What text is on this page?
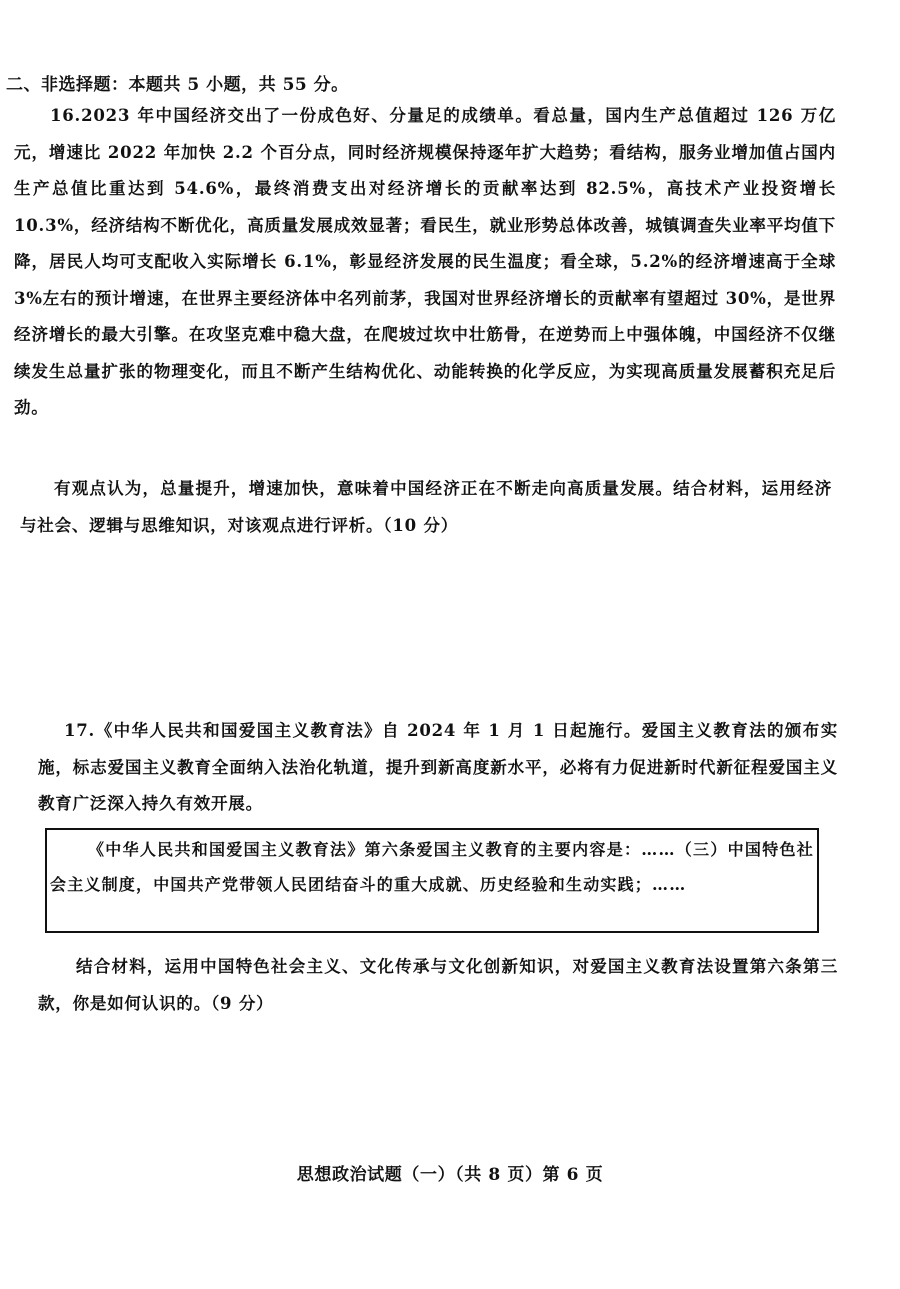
二、非选择题：本题共 5 小题，共 55 分。
16.2023 年中国经济交出了一份成色好、分量足的成绩单。看总量，国内生产总值超过 126 万亿元，增速比 2022 年加快 2.2 个百分点，同时经济规模保持逐年扩大趋势；看结构，服务业增加值占国内生产总值比重达到 54.6%，最终消费支出对经济增长的贡献率达到 82.5%，高技术产业投资增长 10.3%，经济结构不断优化，高质量发展成效显著；看民生，就业形势总体改善，城镇调查失业率平均值下降，居民人均可支配收入实际增长 6.1%，彰显经济发展的民生温度；看全球，5.2%的经济增速高于全球 3%左右的预计增速，在世界主要经济体中名列前茅，我国对世界经济增长的贡献率有望超过 30%，是世界经济增长的最大引擎。在攻坚克难中稳大盘，在爬坡过坎中壮筋骨，在逆势而上中强体魄，中国经济不仅继续发生总量扩张的物理变化，而且不断产生结构优化、动能转换的化学反应，为实现高质量发展蓄积充足后劲。
有观点认为，总量提升，增速加快，意味着中国经济正在不断走向高质量发展。结合材料，运用经济与社会、逻辑与思维知识，对该观点进行评析。（10 分）
17.《中华人民共和国爱国主义教育法》自 2024 年 1 月 1 日起施行。爱国主义教育法的颁布实施，标志爱国主义教育全面纳入法治化轨道，提升到新高度新水平，必将有力促进新时代新征程爱国主义教育广泛深入持久有效开展。
《中华人民共和国爱国主义教育法》第六条爱国主义教育的主要内容是：……（三）中国特色社会主义制度，中国共产党带领人民团结奋斗的重大成就、历史经验和生动实践；……
结合材料，运用中国特色社会主义、文化传承与文化创新知识，对爱国主义教育法设置第六条第三款，你是如何认识的。（9 分）
思想政治试题（一）（共 8 页）第 6 页
